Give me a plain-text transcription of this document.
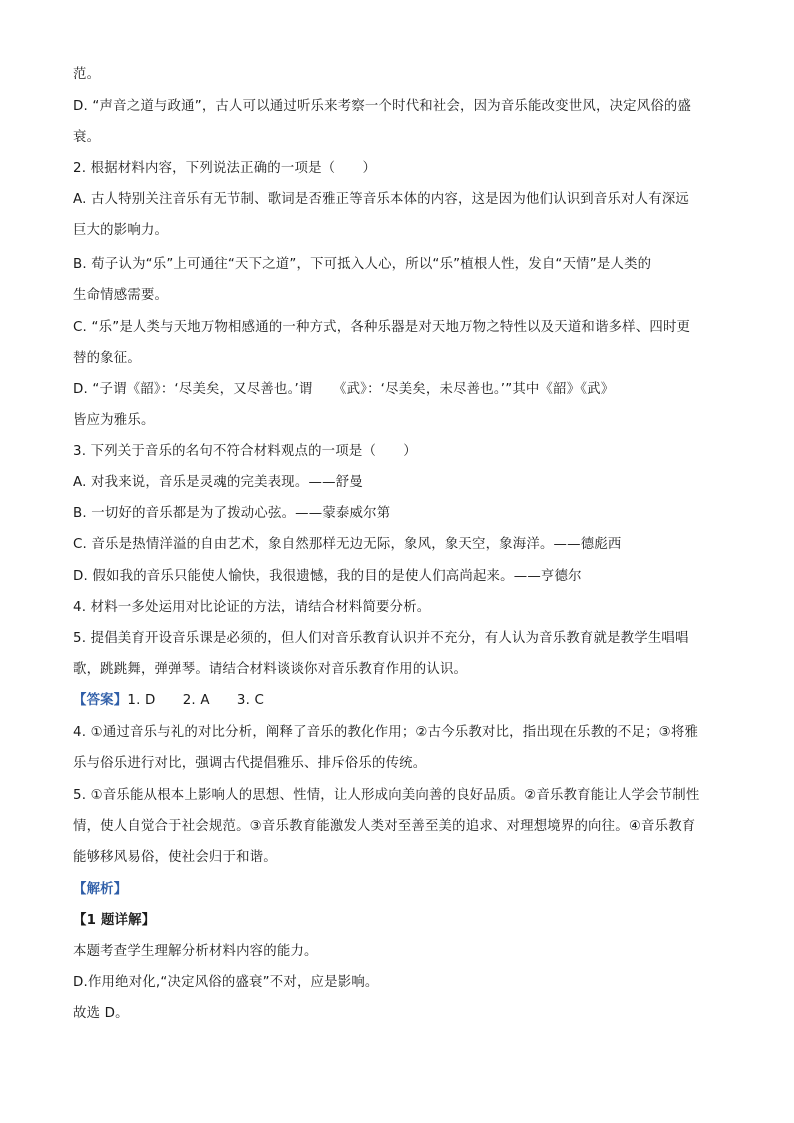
范。
D. “声音之道与政通”，古人可以通过听乐来考察一个时代和社会，因为音乐能改变世风，决定风俗的盛
衰。
2. 根据材料内容，下列说法正确的一项是（　　）
A. 古人特别关注音乐有无节制、歌词是否雅正等音乐本体的内容，这是因为他们认识到音乐对人有深远
巨大的影响力。
B. 荀子认为“乐”上可通往“天下之道”，下可抵入人心，所以“乐”植根人性，发自“天情”是人类的
生命情感需要。
C. “乐”是人类与天地万物相感通的一种方式，各种乐器是对天地万物之特性以及天道和谐多样、四时更
替的象征。
D. “子谓《韶》：‘尽美矣，又尽善也。’谓　　《武》：‘尽美矣，未尽善也。’”其中《韶》《武》
皆应为雅乐。
3. 下列关于音乐的名句不符合材料观点的一项是（　　）
A. 对我来说，音乐是灵魂的完美表现。——舒曼
B. 一切好的音乐都是为了拨动心弦。——蒙泰威尔第
C. 音乐是热情洋溢的自由艺术，象自然那样无边无际，象风，象天空，象海洋。——德彪西
D. 假如我的音乐只能使人愉快，我很遗憾，我的目的是使人们高尚起来。——亨德尔
4. 材料一多处运用对比论证的方法，请结合材料简要分析。
5. 提倡美育开设音乐课是必须的，但人们对音乐教育认识并不充分，有人认为音乐教育就是教学生唱唱
歌，跳跳舞，弹弹琴。请结合材料谈谈你对音乐教育作用的认识。
【答案】1. D　　2. A　　3. C
4. ①通过音乐与礼的对比分析，阐释了音乐的教化作用；②古今乐教对比，指出现在乐教的不足；③将雅
乐与俗乐进行对比，强调古代提倡雅乐、排斥俗乐的传统。
5. ①音乐能从根本上影响人的思想、性情，让人形成向美向善的良好品质。②音乐教育能让人学会节制性
情，使人自觉合于社会规范。③音乐教育能激发人类对至善至美的追求、对理想境界的向往。④音乐教育
能够移风易俗，使社会归于和谐。
【解析】
【1 题详解】
本题考查学生理解分析材料内容的能力。
D.作用绝对化,“决定风俗的盛衰”不对，应是影响。
故选 D。
